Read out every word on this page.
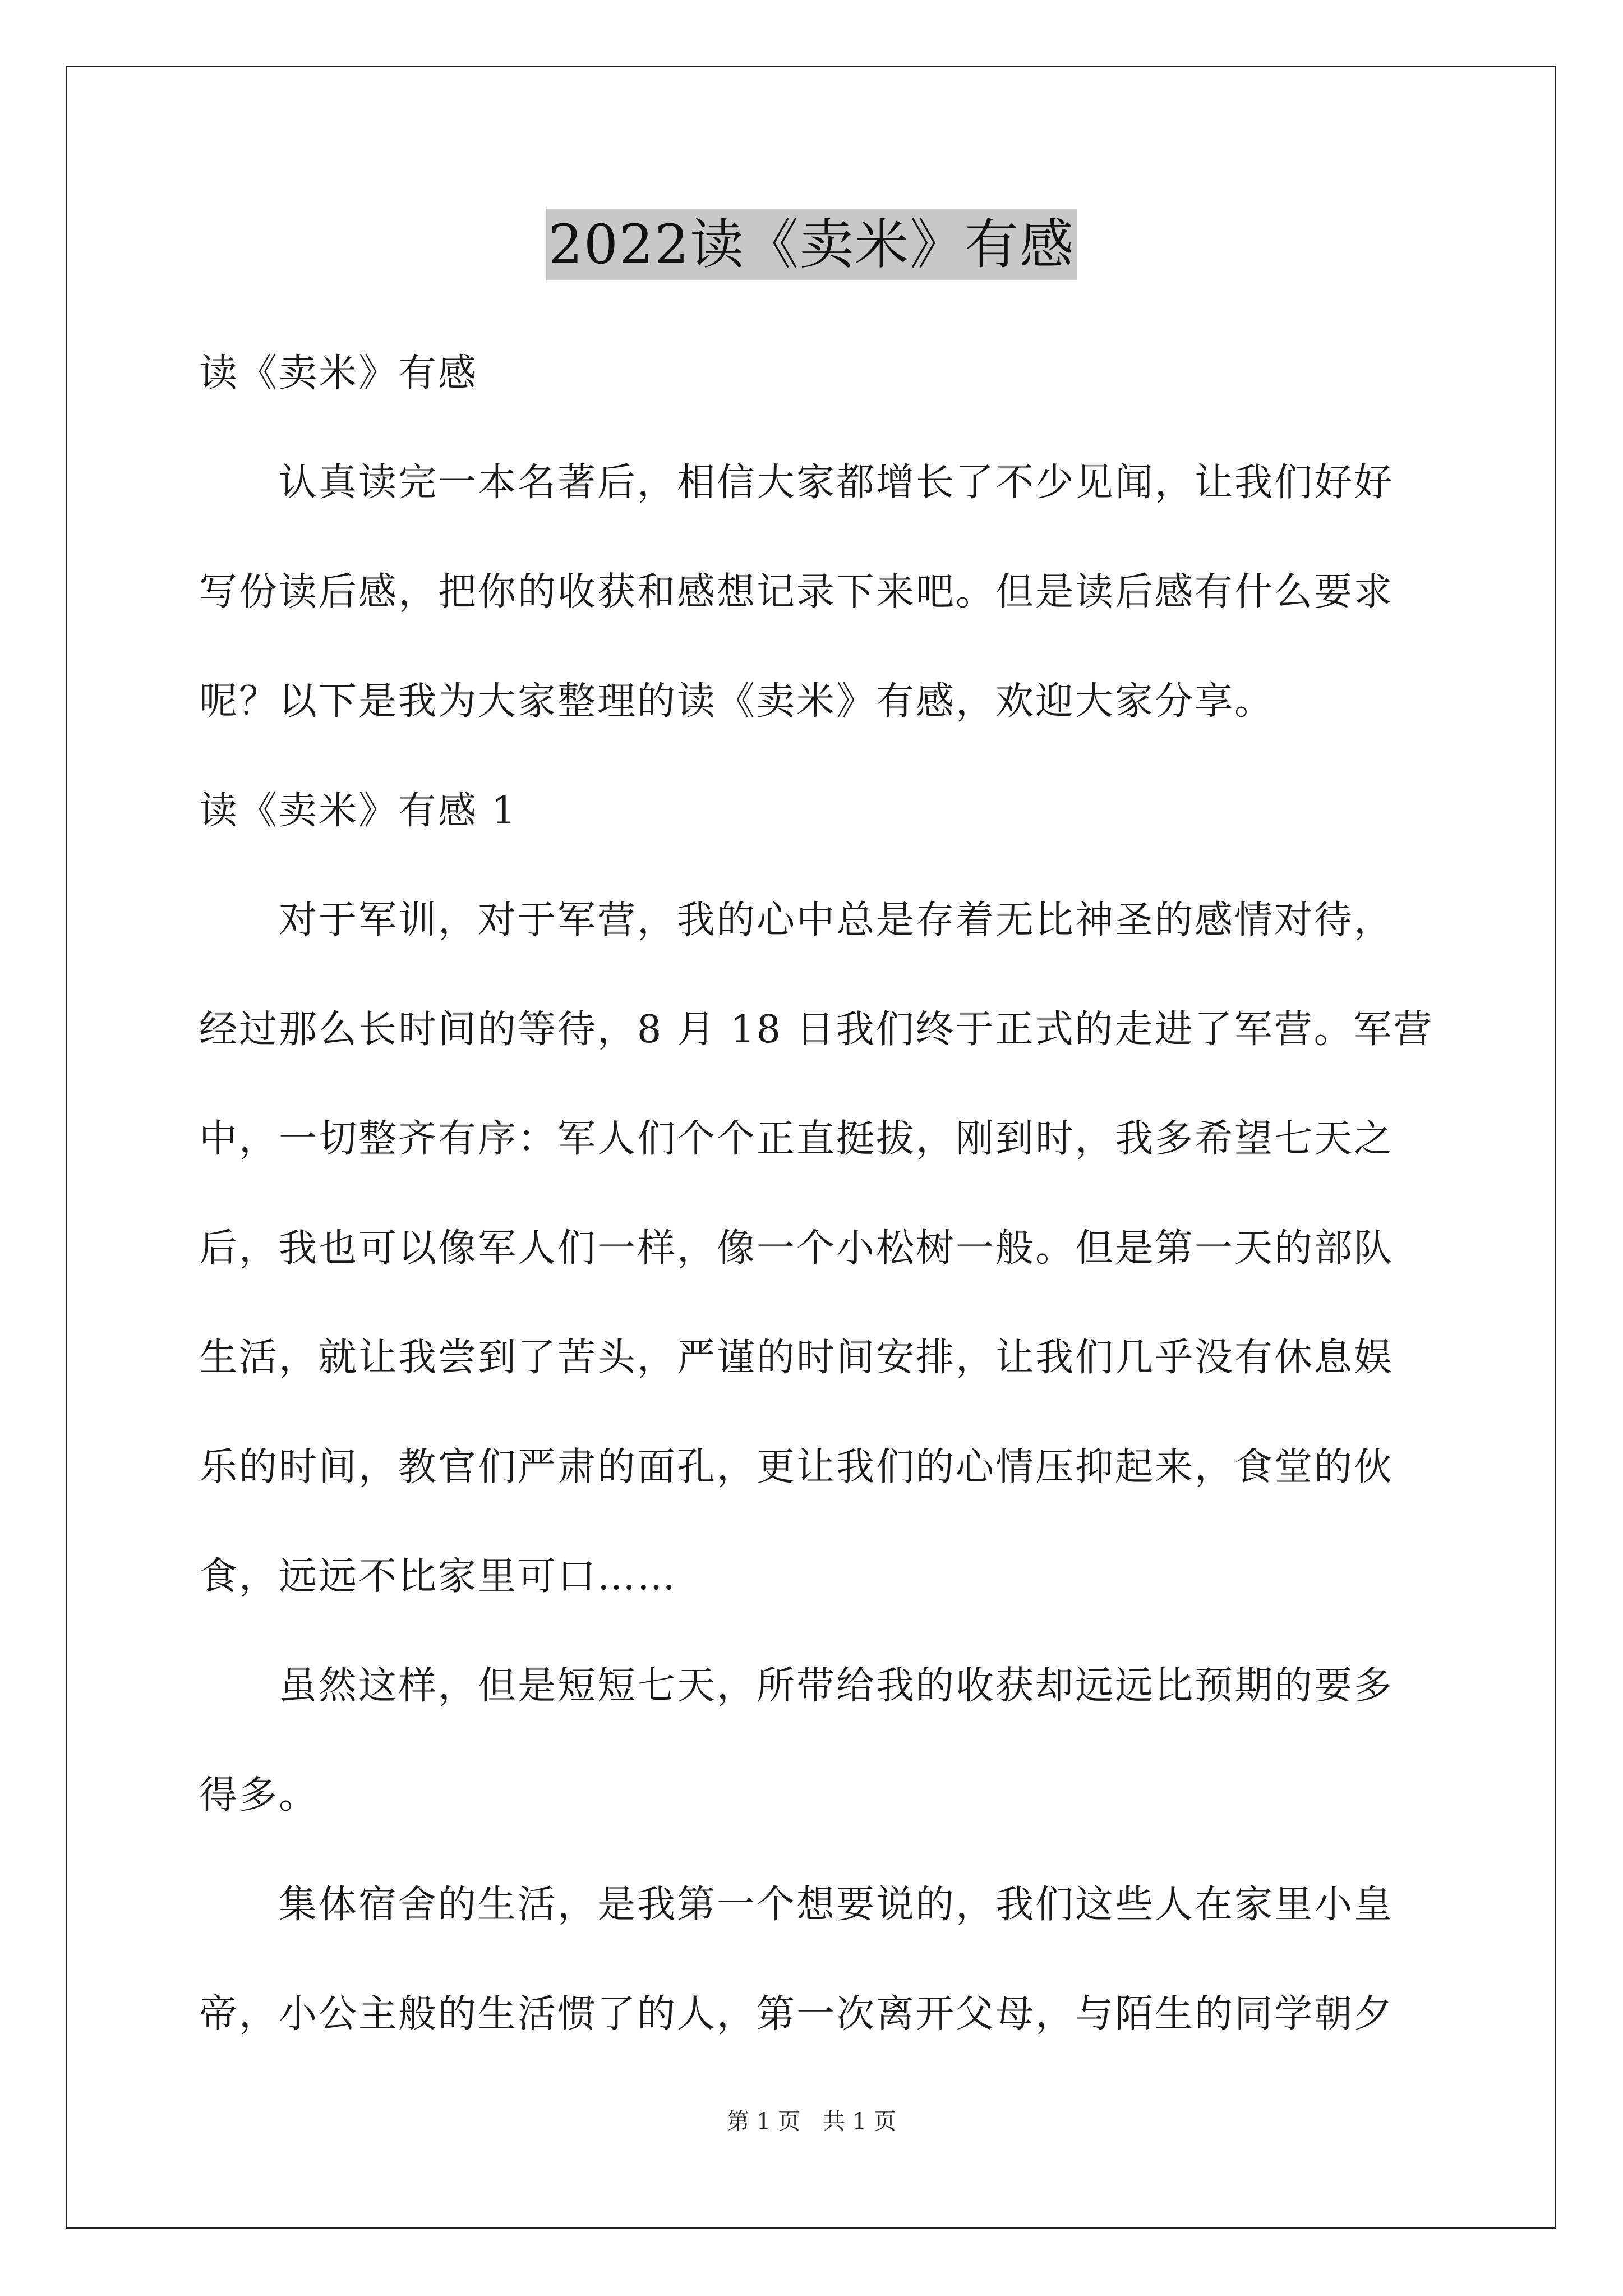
2022读《卖米》有感

读《卖米》有感

　　认真读完一本名著后，相信大家都增长了不少见闻，让我们好好

写份读后感，把你的收获和感想记录下来吧。但是读后感有什么要求

呢？以下是我为大家整理的读《卖米》有感，欢迎大家分享。

读《卖米》有感 1

　　对于军训，对于军营，我的心中总是存着无比神圣的感情对待，

经过那么长时间的等待，8 月 18 日我们终于正式的走进了军营。军营

中，一切整齐有序：军人们个个正直挺拔，刚到时，我多希望七天之

后，我也可以像军人们一样，像一个小松树一般。但是第一天的部队

生活，就让我尝到了苦头，严谨的时间安排，让我们几乎没有休息娱

乐的时间，教官们严肃的面孔，更让我们的心情压抑起来，食堂的伙

食，远远不比家里可口……

　　虽然这样，但是短短七天，所带给我的收获却远远比预期的要多

得多。

　　集体宿舍的生活，是我第一个想要说的，我们这些人在家里小皇

帝，小公主般的生活惯了的人，第一次离开父母，与陌生的同学朝夕

第 1 页　共 1 页
